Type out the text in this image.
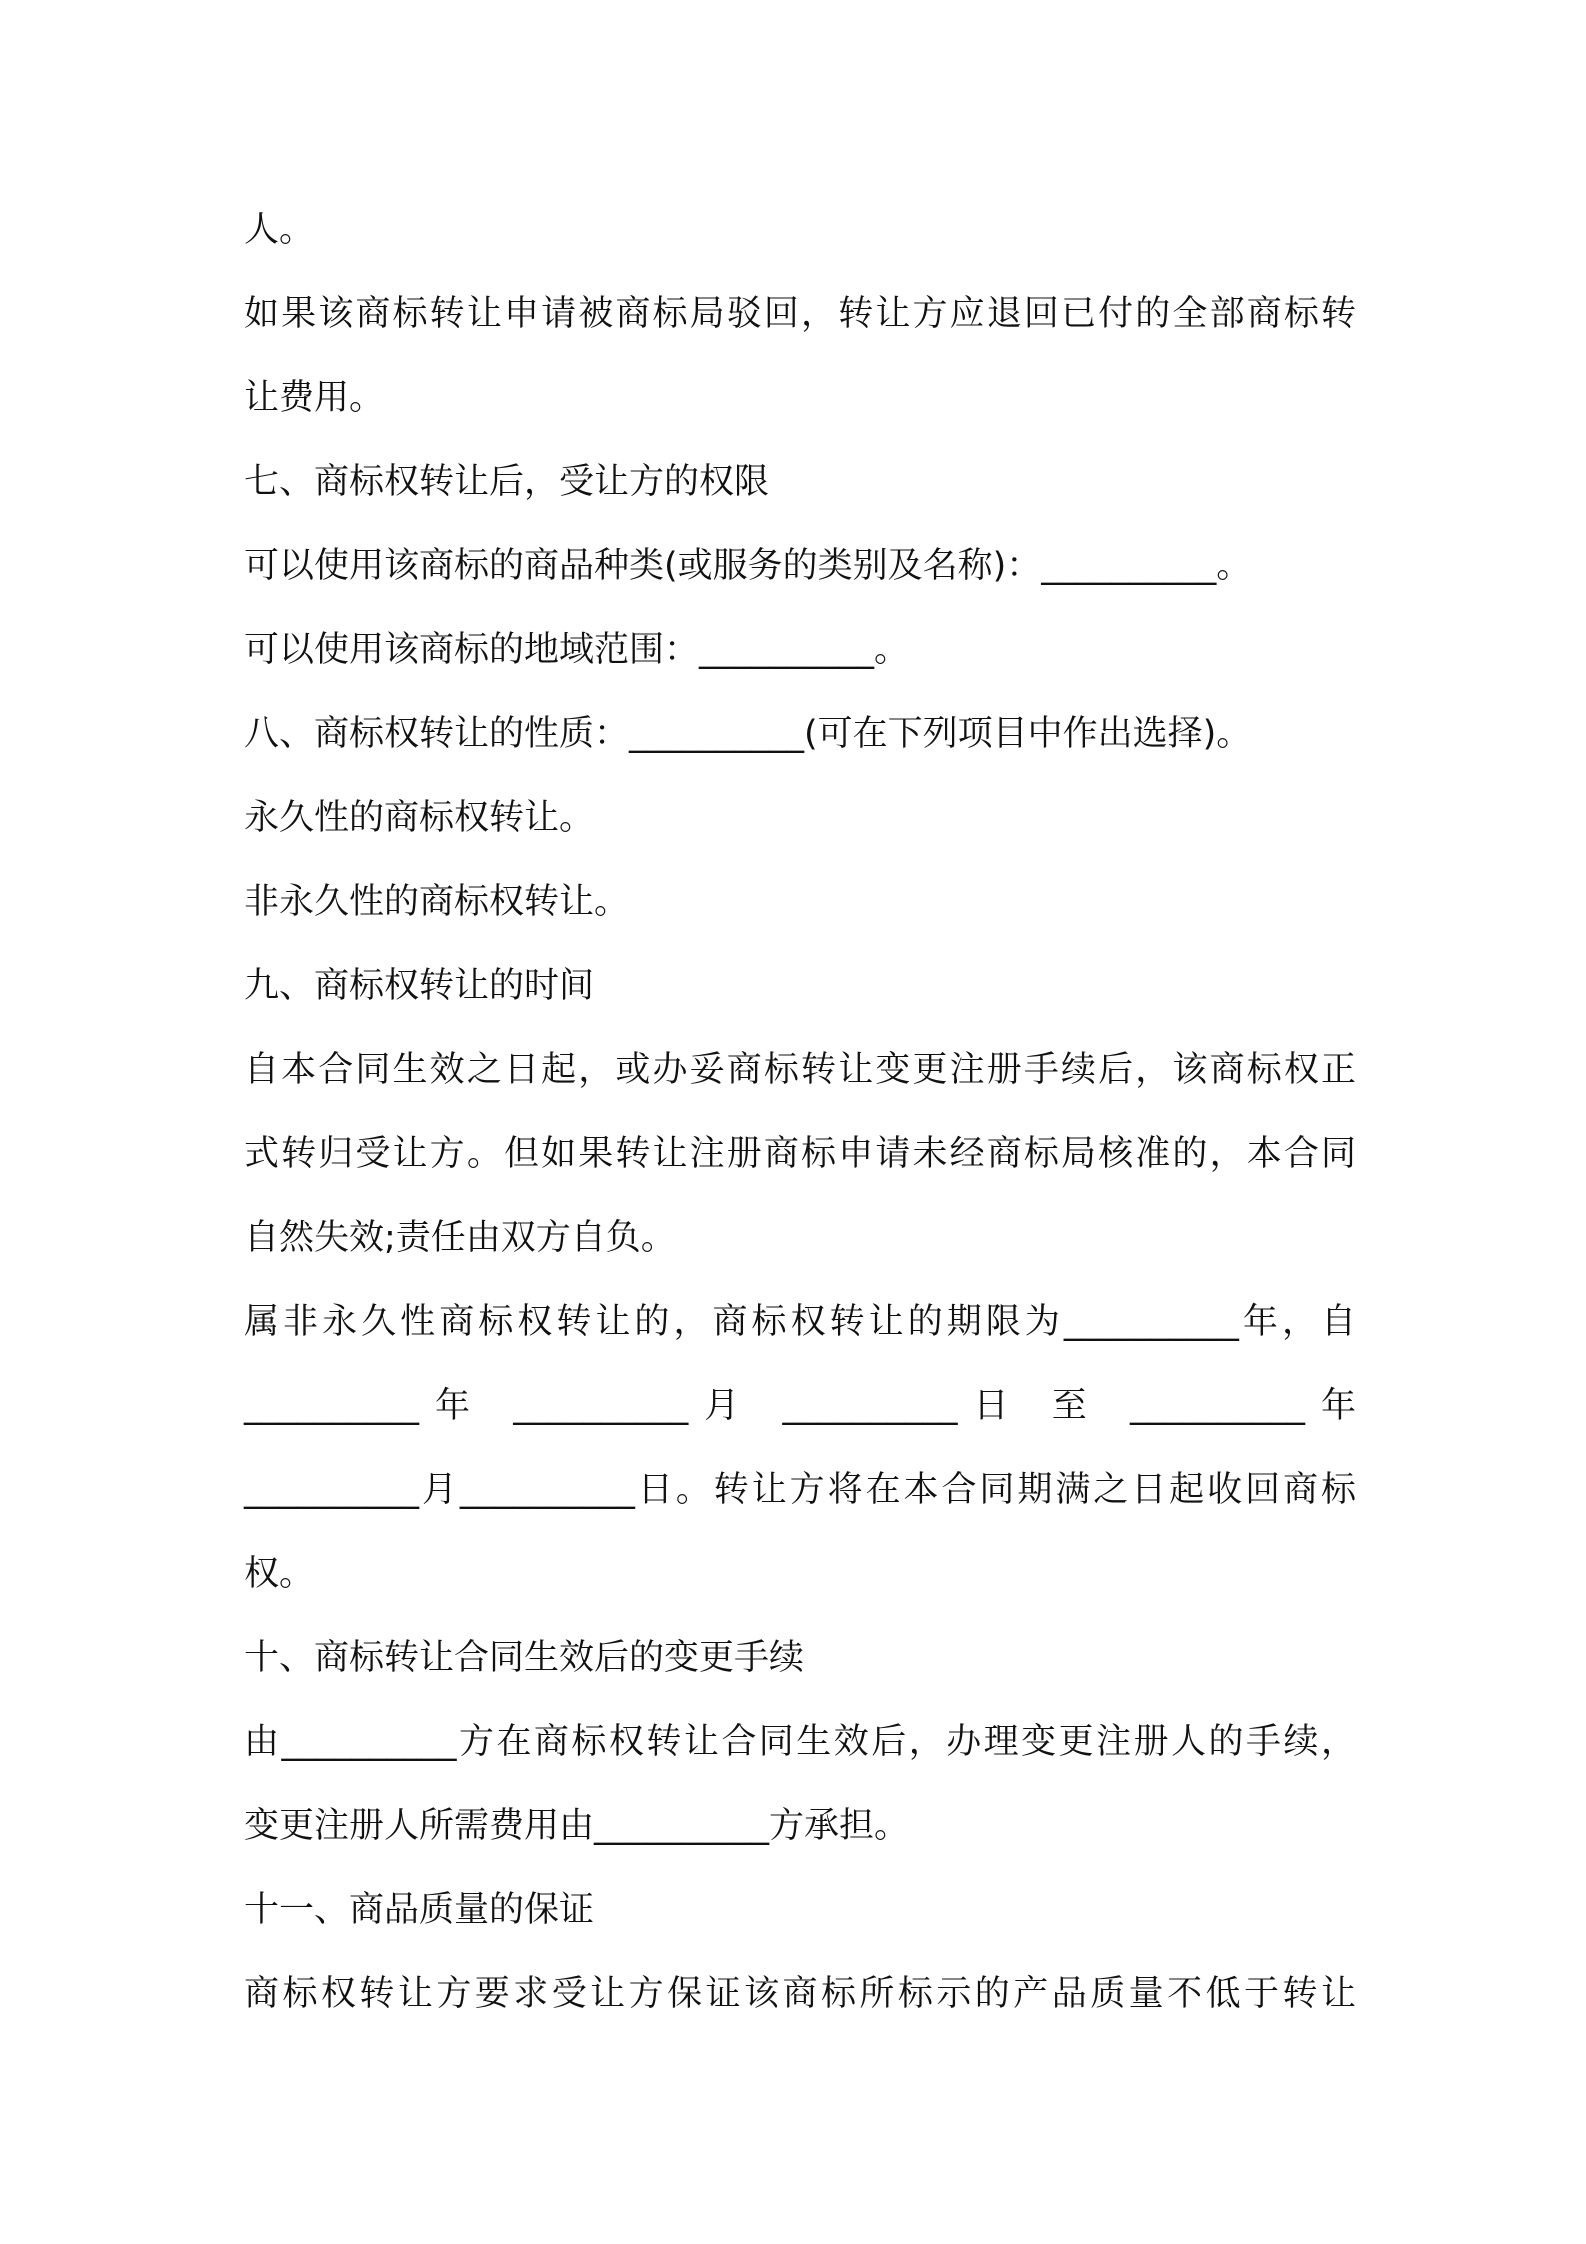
人。
如果该商标转让申请被商标局驳回，转让方应退回已付的全部商标转
让费用。
七、商标权转让后，受让方的权限
可以使用该商标的商品种类(或服务的类别及名称)：__________。
可以使用该商标的地域范围：__________。
八、商标权转让的性质：__________(可在下列项目中作出选择)。
永久性的商标权转让。
非永久性的商标权转让。
九、商标权转让的时间
自本合同生效之日起，或办妥商标转让变更注册手续后，该商标权正
式转归受让方。但如果转让注册商标申请未经商标局核准的，本合同
自然失效;责任由双方自负。
属非永久性商标权转让的，商标权转让的期限为__________年，自
__________年 __________月 __________日 至 __________年
__________月__________日。转让方将在本合同期满之日起收回商标
权。
十、商标转让合同生效后的变更手续
由__________方在商标权转让合同生效后，办理变更注册人的手续，
变更注册人所需费用由__________方承担。
十一、商品质量的保证
商标权转让方要求受让方保证该商标所标示的产品质量不低于转让
